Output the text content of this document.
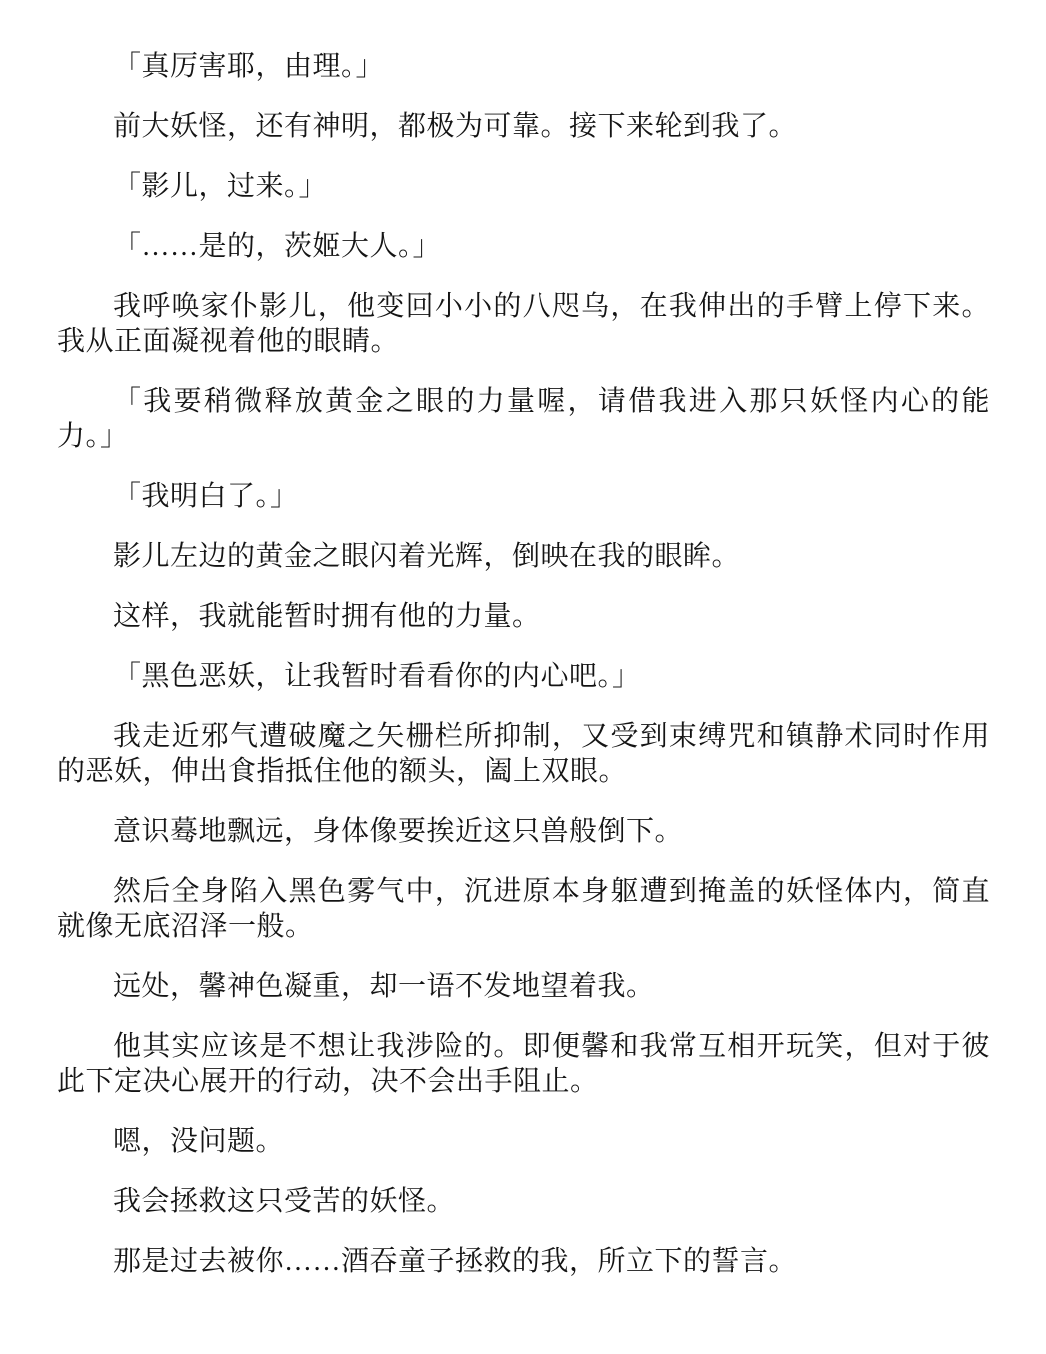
「真厉害耶，由理。」

前大妖怪，还有神明，都极为可靠。接下来轮到我了。

「影儿，过来。」

「……是的，茨姬大人。」

我呼唤家仆影儿，他变回小小的八咫乌，在我伸出的手臂上停下来。我从正面凝视着他的眼睛。

「我要稍微释放黄金之眼的力量喔，请借我进入那只妖怪内心的能力。」

「我明白了。」

影儿左边的黄金之眼闪着光辉，倒映在我的眼眸。

这样，我就能暂时拥有他的力量。

「黑色恶妖，让我暂时看看你的内心吧。」

我走近邪气遭破魔之矢栅栏所抑制，又受到束缚咒和镇静术同时作用的恶妖，伸出食指抵住他的额头，阖上双眼。

意识蓦地飘远，身体像要挨近这只兽般倒下。

然后全身陷入黑色雾气中，沉进原本身躯遭到掩盖的妖怪体内，简直就像无底沼泽一般。

远处，馨神色凝重，却一语不发地望着我。

他其实应该是不想让我涉险的。即便馨和我常互相开玩笑，但对于彼此下定决心展开的行动，决不会出手阻止。

嗯，没问题。

我会拯救这只受苦的妖怪。

那是过去被你……酒吞童子拯救的我，所立下的誓言。
